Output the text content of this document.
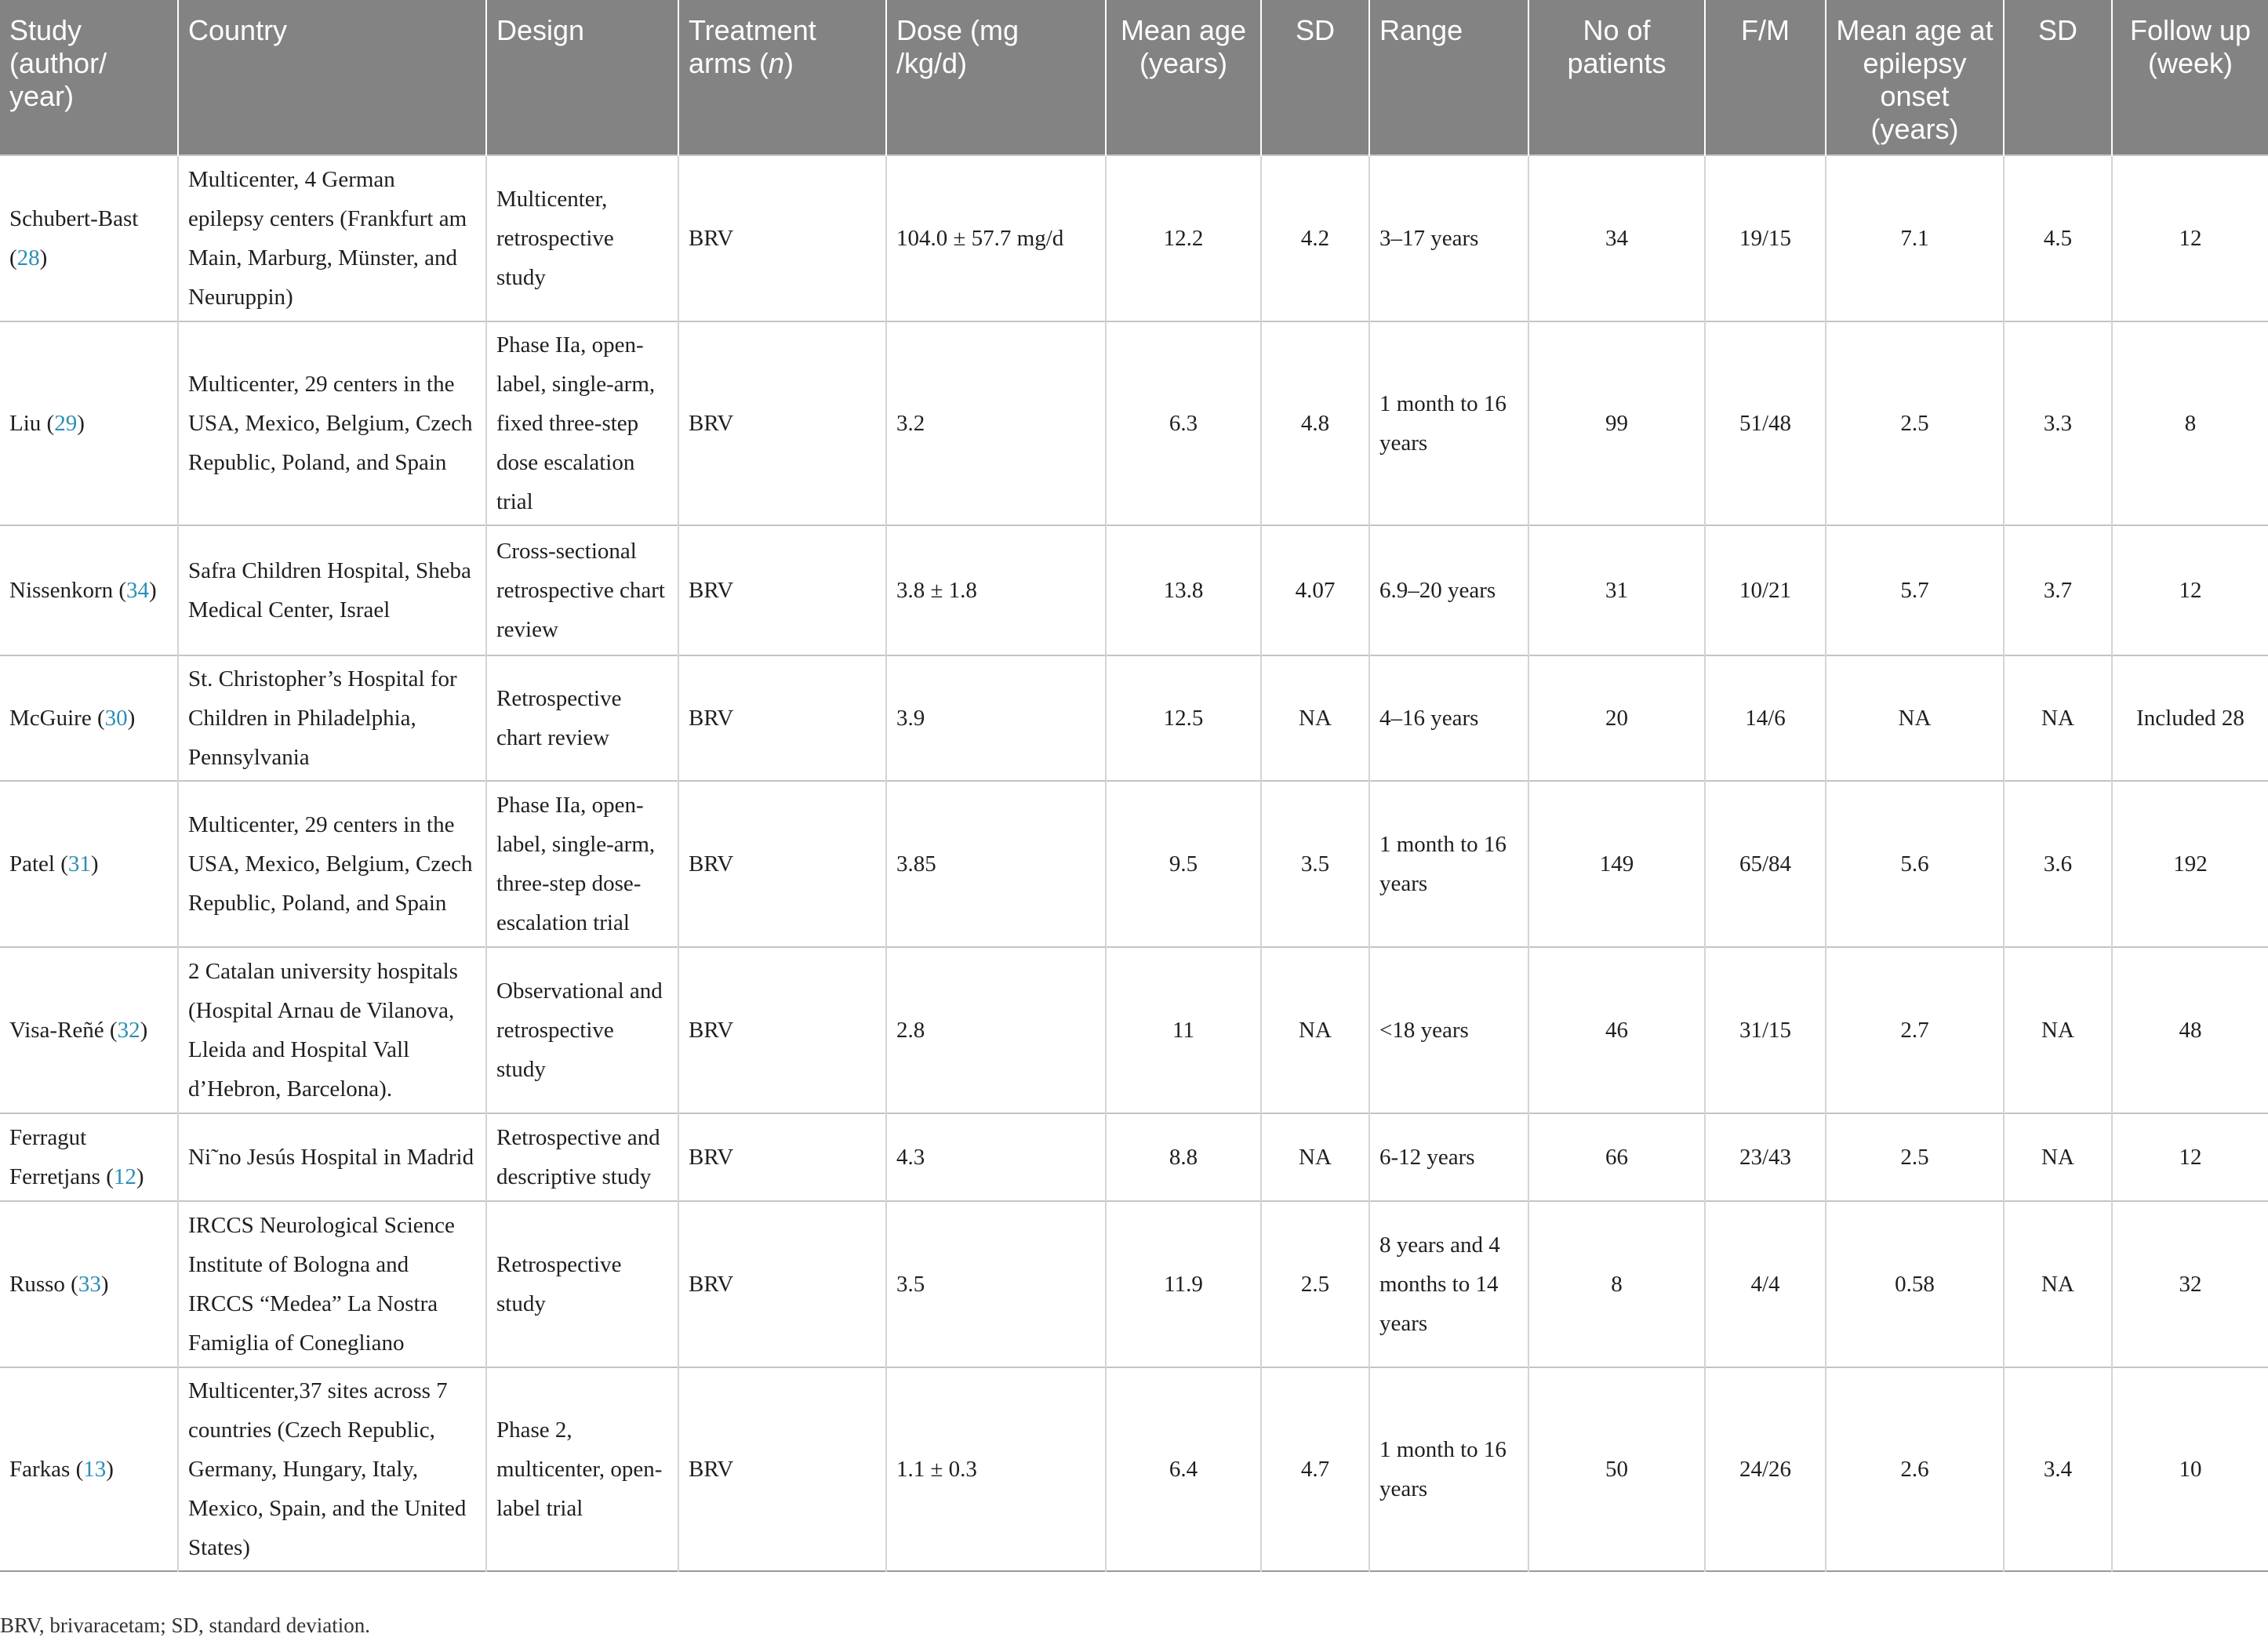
Study (author/ year)	Country	Design	Treatment arms (n)	Dose (mg /kg/d)	Mean age (years)	SD	Range	No of patients	F/M	Mean age at epilepsy onset (years)	SD	Follow up (week)
Schubert-Bast (28)	Multicenter, 4 German epilepsy centers (Frankfurt am Main, Marburg, Münster, and Neuruppin)	Multicenter, retrospective study	BRV	104.0 ± 57.7 mg/d	12.2	4.2	3–17 years	34	19/15	7.1	4.5	12
Liu (29)	Multicenter, 29 centers in the USA, Mexico, Belgium, Czech Republic, Poland, and Spain	Phase IIa, open-label, single-arm, fixed three-step dose escalation trial	BRV	3.2	6.3	4.8	1 month to 16 years	99	51/48	2.5	3.3	8
Nissenkorn (34)	Safra Children Hospital, Sheba Medical Center, Israel	Cross-sectional retrospective chart review	BRV	3.8 ± 1.8	13.8	4.07	6.9–20 years	31	10/21	5.7	3.7	12
McGuire (30)	St. Christopher’s Hospital for Children in Philadelphia, Pennsylvania	Retrospective chart review	BRV	3.9	12.5	NA	4–16 years	20	14/6	NA	NA	Included 28
Patel (31)	Multicenter, 29 centers in the USA, Mexico, Belgium, Czech Republic, Poland, and Spain	Phase IIa, open-label, single-arm, three-step dose-escalation trial	BRV	3.85	9.5	3.5	1 month to 16 years	149	65/84	5.6	3.6	192
Visa-Reñé (32)	2 Catalan university hospitals (Hospital Arnau de Vilanova, Lleida and Hospital Vall d’Hebron, Barcelona).	Observational and retrospective study	BRV	2.8	11	NA	<18 years	46	31/15	2.7	NA	48
Ferragut Ferretjans (12)	Ni˜no Jesús Hospital in Madrid	Retrospective and descriptive study	BRV	4.3	8.8	NA	6-12 years	66	23/43	2.5	NA	12
Russo (33)	IRCCS Neurological Science Institute of Bologna and IRCCS “Medea” La Nostra Famiglia of Conegliano	Retrospective study	BRV	3.5	11.9	2.5	8 years and 4 months to 14 years	8	4/4	0.58	NA	32
Farkas (13)	Multicenter,37 sites across 7 countries (Czech Republic, Germany, Hungary, Italy, Mexico, Spain, and the United States)	Phase 2, multicenter, open-label trial	BRV	1.1 ± 0.3	6.4	4.7	1 month to 16 years	50	24/26	2.6	3.4	10
BRV, brivaracetam; SD, standard deviation.
